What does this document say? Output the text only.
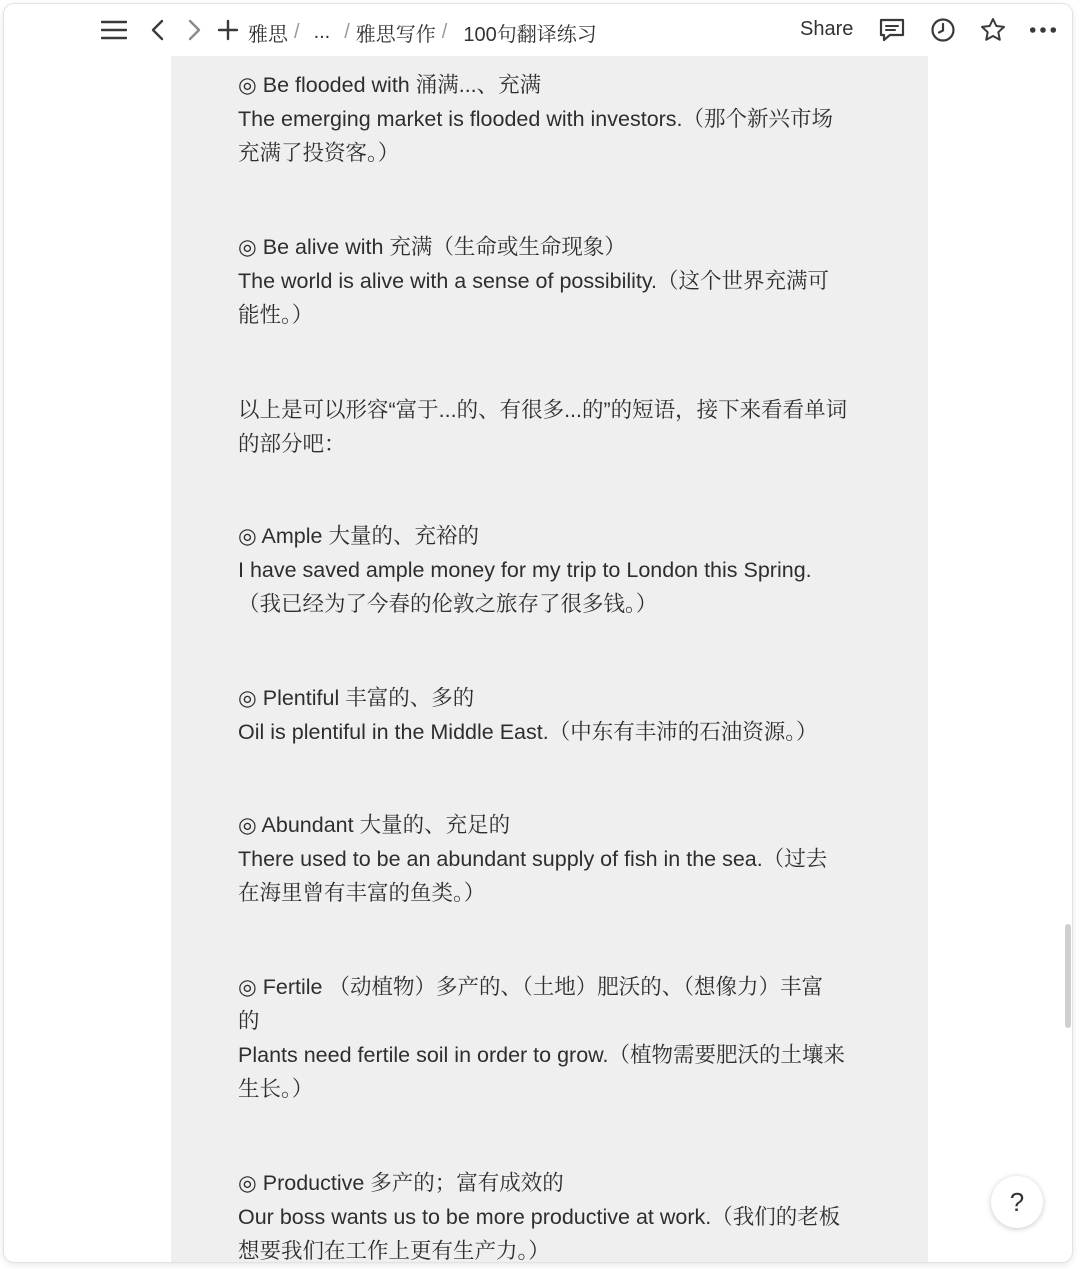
雅思 / ... / 雅思写作 / 100句翻译练习	Share

◎ Be flooded with 涌满...、充满

The emerging market is flooded with investors.（那个新兴市场

充满了投资客。）

◎ Be alive with 充满（生命或生命现象）

The world is alive with a sense of possibility.（这个世界充满可

能性。）

以上是可以形容“富于...的、有很多...的”的短语，接下来看看单词

的部分吧：

◎ Ample 大量的、充裕的

I have saved ample money for my trip to London this Spring.

（我已经为了今春的伦敦之旅存了很多钱。）

◎ Plentiful 丰富的、多的

Oil is plentiful in the Middle East.（中东有丰沛的石油资源。）

◎ Abundant 大量的、充足的

There used to be an abundant supply of fish in the sea.（过去

在海里曾有丰富的鱼类。）

◎ Fertile （动植物）多产的、（土地）肥沃的、（想像力）丰富

的

Plants need fertile soil in order to grow.（植物需要肥沃的土壤来

生长。）

◎ Productive 多产的；富有成效的

Our boss wants us to be more productive at work.（我们的老板

想要我们在工作上更有生产力。）

?
